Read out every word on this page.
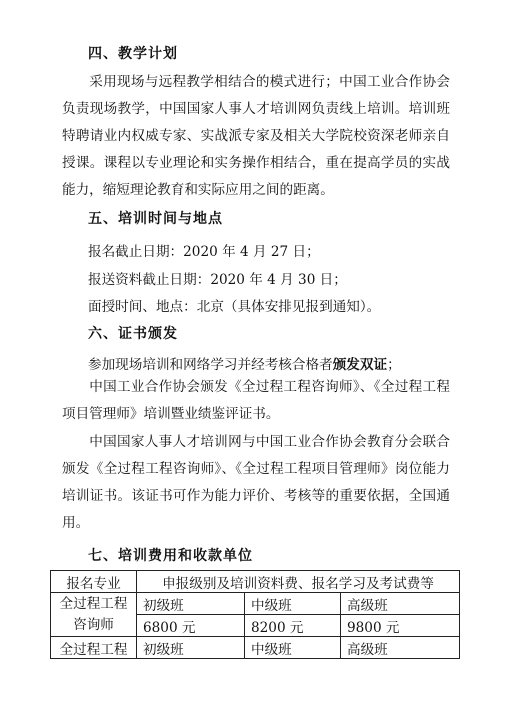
四、教学计划
采用现场与远程教学相结合的模式进行；中国工业合作协会负责现场教学，中国国家人事人才培训网负责线上培训。培训班特聘请业内权威专家、实战派专家及相关大学院校资深老师亲自授课。课程以专业理论和实务操作相结合，重在提高学员的实战能力，缩短理论教育和实际应用之间的距离。
五、培训时间与地点
报名截止日期：2020 年 4 月 27 日；
报送资料截止日期：2020 年 4 月 30 日；
面授时间、地点：北京（具体安排见报到通知）。
六、证书颁发
参加现场培训和网络学习并经考核合格者颁发双证；
中国工业合作协会颁发《全过程工程咨询师》、《全过程工程项目管理师》培训暨业绩鉴评证书。
中国国家人事人才培训网与中国工业合作协会教育分会联合颁发《全过程工程咨询师》、《全过程工程项目管理师》岗位能力培训证书。该证书可作为能力评价、考核等的重要依据，全国通用。
七、培训费用和收款单位
报名专业	申报级别及培训资料费、报名学习及考试费等		
全过程工程咨询师	初级班	中级班	高级班
	6800 元	8200 元	9800 元
全过程工程	初级班	中级班	高级班
